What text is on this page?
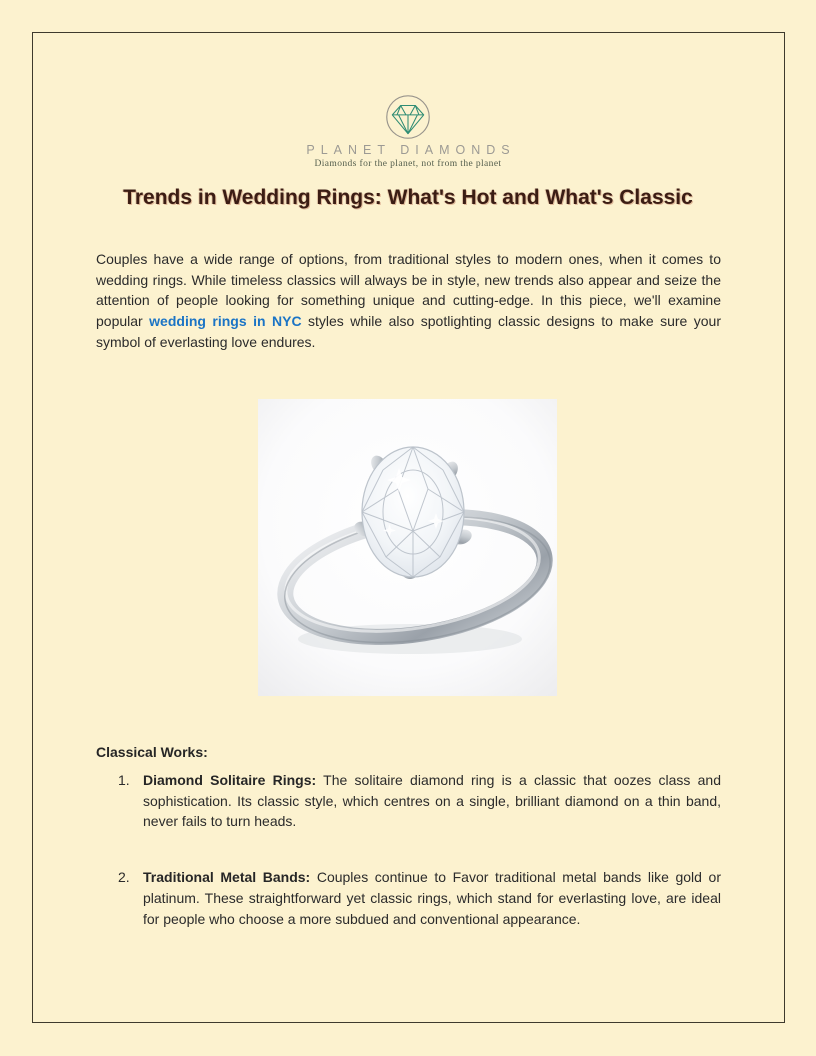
PLANET DIAMONDS
Diamonds for the planet, not from the planet
Trends in Wedding Rings: What's Hot and What's Classic

Couples have a wide range of options, from traditional styles to modern ones, when it comes to wedding rings. While timeless classics will always be in style, new trends also appear and seize the attention of people looking for something unique and cutting-edge. In this piece, we'll examine popular wedding rings in NYC styles while also spotlighting classic designs to make sure your symbol of everlasting love endures.

Classical Works:
1. Diamond Solitaire Rings: The solitaire diamond ring is a classic that oozes class and sophistication. Its classic style, which centres on a single, brilliant diamond on a thin band, never fails to turn heads.
2. Traditional Metal Bands: Couples continue to Favor traditional metal bands like gold or platinum. These straightforward yet classic rings, which stand for everlasting love, are ideal for people who choose a more subdued and conventional appearance.
